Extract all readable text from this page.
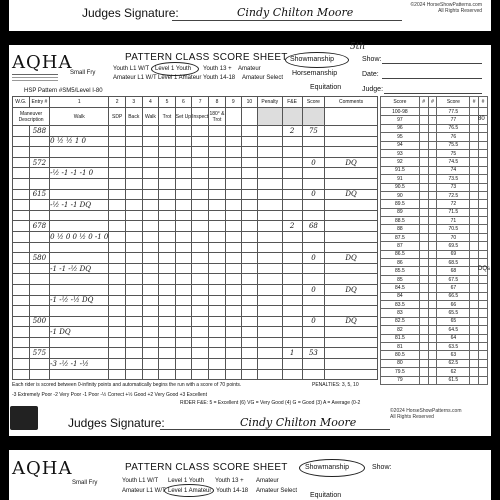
Judges Signature:	Cindy Chilton Moore
©2024 HorseShowPatterns.com
All Rights Reserved
AQHA	PATTERN CLASS SCORE SHEET
Small Fry
Youth L1 W/T Level 1 Youth Youth 13 + Amateur
Amateur L1 W/T Level 1 Amateur Youth 14-18 Amateur Select
Showmanship
5th
Horsemanship
Equitation
Show:
Date:
Judge:
HSP Pattern #SM5/Level I-80
W.G.	Entry #	1	2	3	4	5	6	7	8	9	10	Penalty	F&E	Score	Comments
Maneuver Description		Walk	SDP	Back	Walk	Trot	Set Up	Inspect	180° & Trot						
	588												2	75	
		0 ½ ½ 1 0													

	572													0	DQ
		-½ -1 -1 -1 0													

	615													0	DQ
		-½ -1 -1 DQ													

	678												2	68	
		0 ½ 0 0 ½ 0 -1 0													

	580													0	DQ
		-1 -1 -½ DQ													

														0	DQ
		-1 -½ -½ DQ													

	500													0	DQ
		-1 DQ													

	575												1	53	
		-3 -½ -1 -½													

Score	#	#	Score	#	#
100-98			77.5		
97			77		
96			76.5		
95			76		
94			75.5		
93			75		
92			74.5		
91.5			74		
91			73.5		
90.5			73		
90			72.5		
89.5			72		
89			71.5		
88.5			71		
88			70.5		
87.5			70		
87			69.5		
86.5			69		
86			68.5		
85.5			68		
85			67.5		
84.5			67		
84			66.5		
83.5			66		
83			65.5		
82.5			65		
82			64.5		
81.5			64		
81			63.5		
80.5			63		
80			62.5		
79.5			62		
79			61.5		
80
DQs
Each rider is scored between 0-infinity points and automatically begins the run with a score of 70 points.	PENALTIES: 3, 5, 10
-3 Extremely Poor -2 Very Poor -1 Poor -½ Correct +½ Good +2 Very Good +3 Excellent
RIDER F&E: 5 = Excellent (6) VG = Very Good (4) G = Good (3) A = Average (0-2
©2024 HorseShowPatterns.com
All Rights Reserved
Judges Signature:	Cindy Chilton Moore
AQHA	PATTERN CLASS SCORE SHEET Showmanship	Show:
Small Fry	Youth L1 W/T Level 1 Youth Youth 13 + Amateur
Amateur L1 W/T Level 1 Amateur Youth 14-18 Amateur Select
Equitation
